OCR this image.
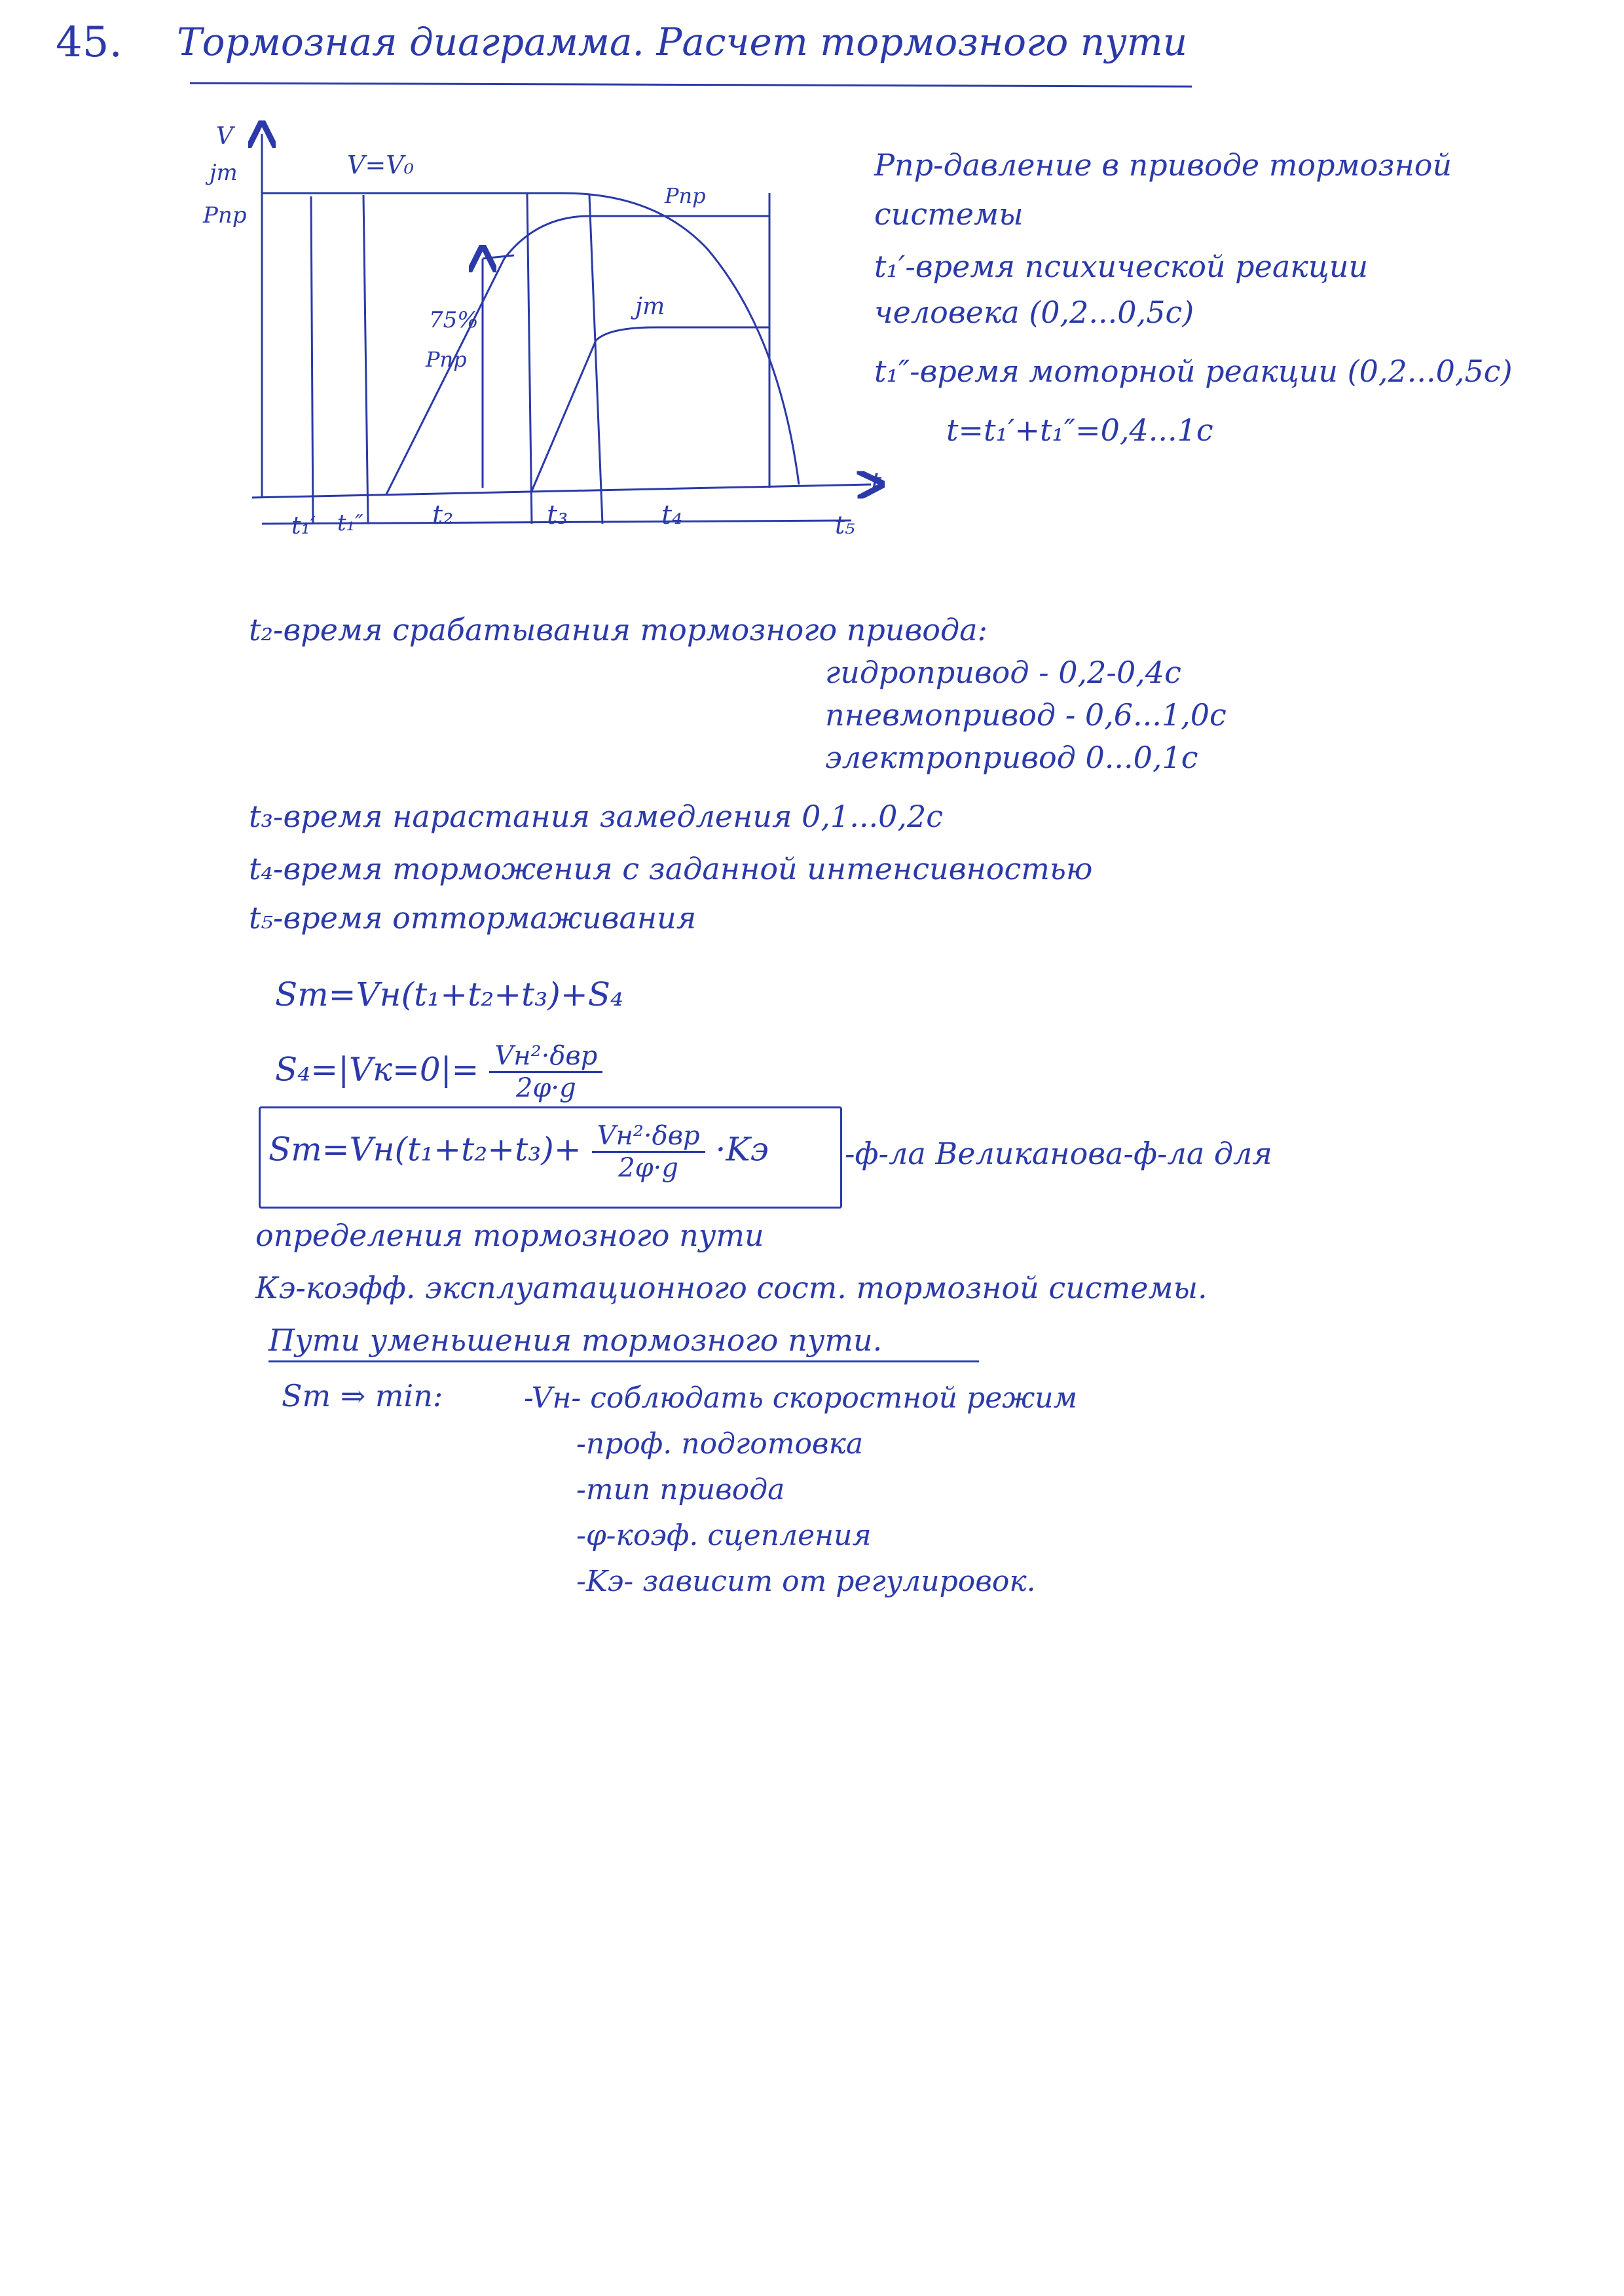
45. Тормозная диаграмма. Расчет тормозного пути
V
jт
Pпр
V=V₀
Pпр
jт
75%
Pпр
t
t₁′ t₁″	t₂	t₃	t₄	t₅
Pпр-давление в приводе тормозной
системы
t₁′-время психической реакции
человека (0,2...0,5с)
t₁″-время моторной реакции (0,2...0,5с)
t=t₁′+t₁″=0,4...1с
t₂-время срабатывания тормозного привода:
гидропривод - 0,2-0,4с
пневмопривод - 0,6...1,0с
электропривод 0...0,1с
t₃-время нарастания замедления 0,1...0,2с
t₄-время торможения с заданной интенсивностью
t₅-время оттормаживания
Sт=Vн(t₁+t₂+t₃)+S₄
$S_4=|Vк=0|= \frac{\text{Vн²·δвр}}{2\varphi\cdot g}$
$Sт=Vн(t_1+t_2+t_3)+ \frac{\text{Vн²·δвр}}{2\varphi\cdot g} \cdot Kэ$	-ф-ла Великанова-ф-ла для
определения тормозного пути
Кэ-коэфф. эксплуатационного сост. тормозной системы.
Пути уменьшения тормозного пути.
Sт ⇒ min:	-Vн- соблюдать скоростной режим
-проф. подготовка
-тип привода
-φ-коэф. сцепления
-Kэ- зависит от регулировок.
